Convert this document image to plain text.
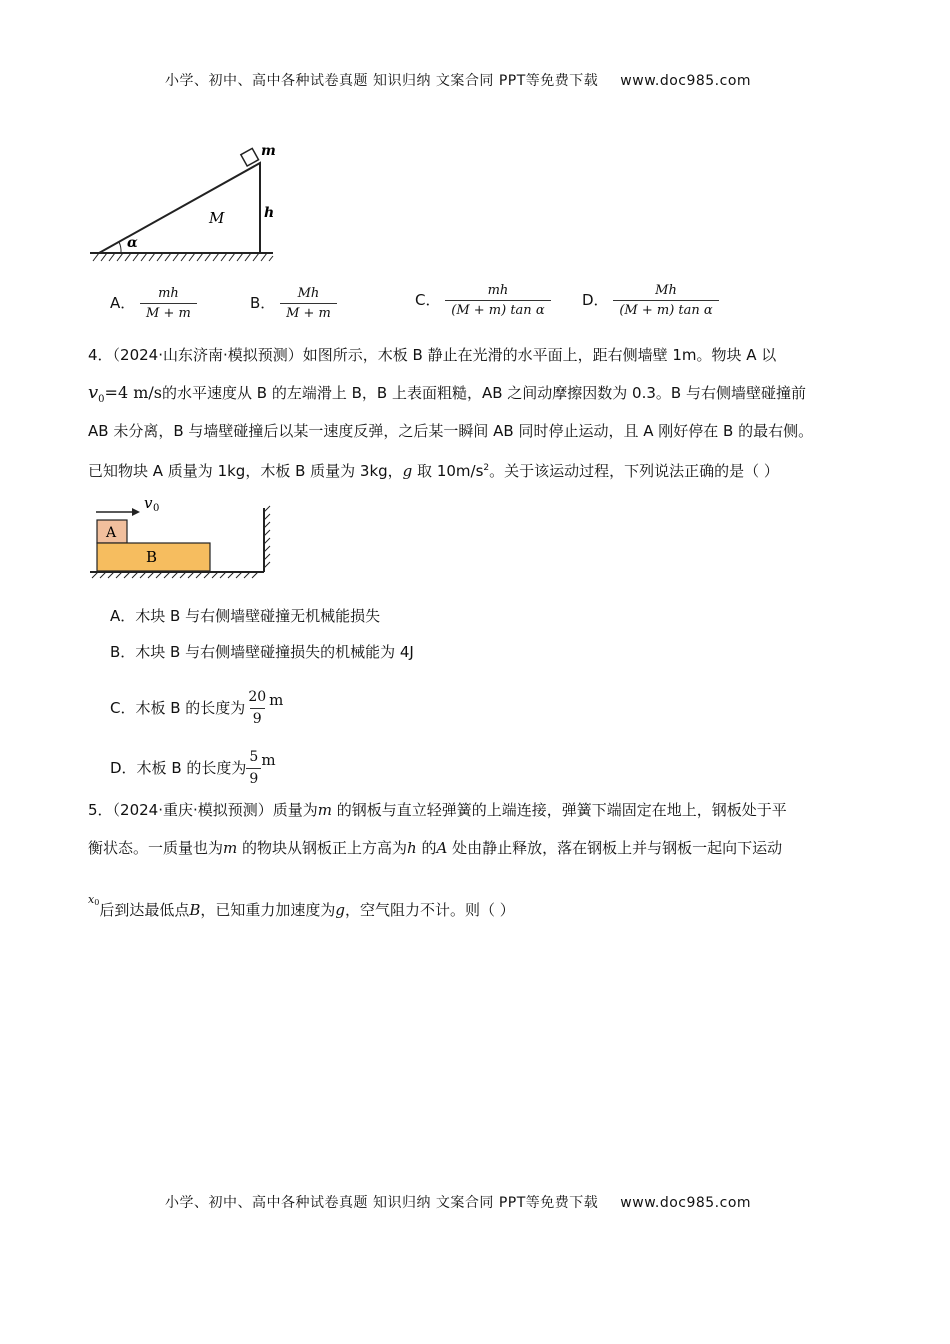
小学、初中、高中各种试卷真题 知识归纳 文案合同 PPT等免费下载 www.doc985.com
m
M	h
α
A． $\frac{mh}{M + m}$	B． $\frac{Mh}{M + m}$	C． $\frac{mh}{\text{(M + m) tan α}}$ D． $\frac{Mh}{\text{(M + m) tan α}}$
4．（2024·山东济南·模拟预测）如图所示，木板 B 静止在光滑的水平面上，距右侧墙壁 1m。物块 A 以
$v_0=4$ m/s的水平速度从 B 的左端滑上 B，B 上表面粗糙，AB 之间动摩擦因数为 0.3。B 与右侧墙壁碰撞前
AB 未分离，B 与墙壁碰撞后以某一速度反弹，之后某一瞬间 AB 同时停止运动，且 A 刚好停在 B 的最右侧。
已知物块 A 质量为 1kg，木板 B 质量为 3kg，g 取 $10m/s^2$。关于该运动过程，下列说法正确的是（ ）
v 0
A
B
A．木块 B 与右侧墙壁碰撞无机械能损失
B．木块 B 与右侧墙壁碰撞损失的机械能为 4J
C．木板 B 的长度为 $\frac{20}{9}$ m
D．木板 B 的长度为 $\frac{5}{9}$ m
5．（2024·重庆·模拟预测）质量为m 的钢板与直立轻弹簧的上端连接，弹簧下端固定在地上，钢板处于平
衡状态。一质量也为m 的物块从钢板正上方高为h 的A 处由静止释放，落在钢板上并与钢板一起向下运动
$^{x0}$后到达最低点B，已知重力加速度为g，空气阻力不计。则（ ）
小学、初中、高中各种试卷真题 知识归纳 文案合同 PPT等免费下载 www.doc985.com
